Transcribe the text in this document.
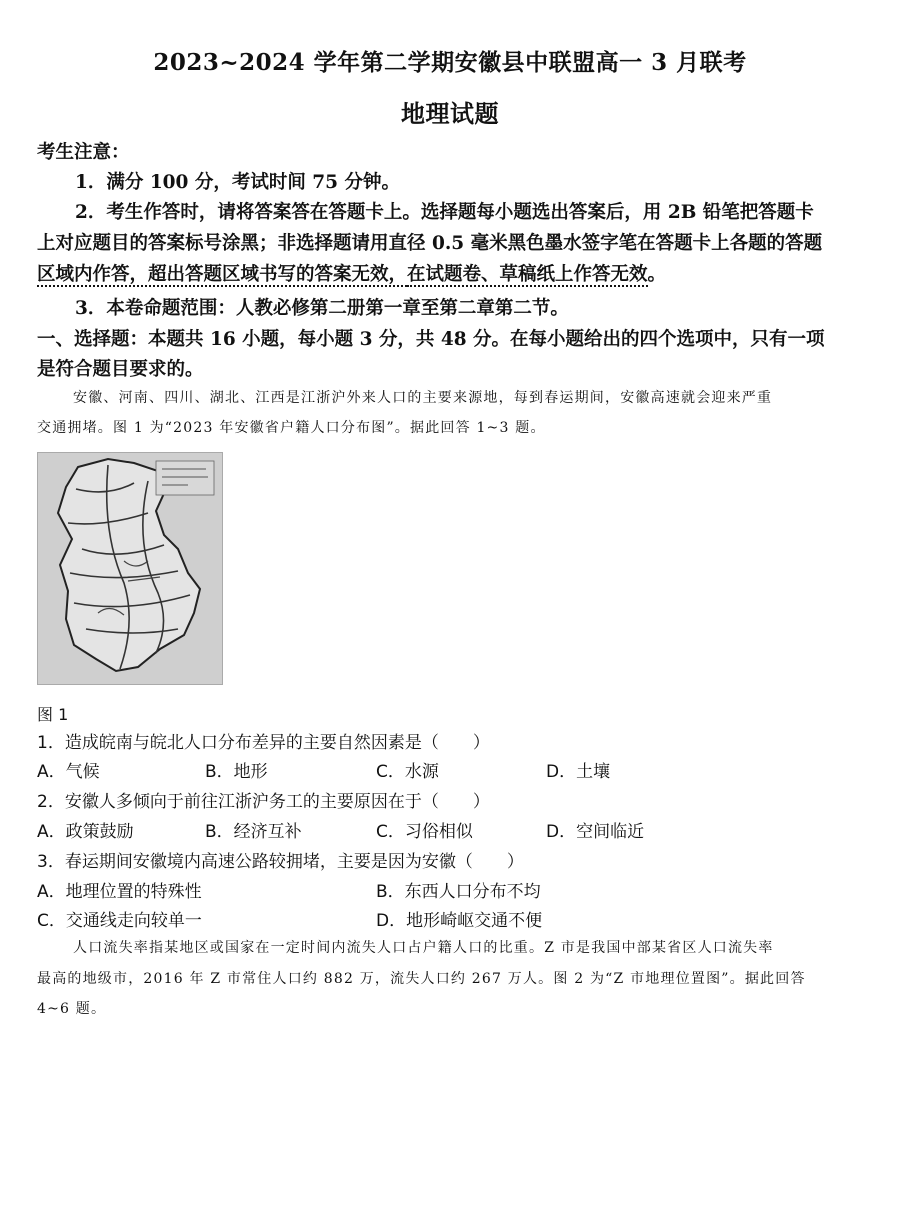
2023~2024 学年第二学期安徽县中联盟高一 3 月联考
地理试题
考生注意：
1．满分 100 分，考试时间 75 分钟。
2．考生作答时，请将答案答在答题卡上。选择题每小题选出答案后，用 2B 铅笔把答题卡
上对应题目的答案标号涂黑；非选择题请用直径 0.5 毫米黑色墨水签字笔在答题卡上各题的答题
区域内作答，超出答题区域书写的答案无效，在试题卷、草稿纸上作答无效。
3．本卷命题范围：人教必修第二册第一章至第二章第二节。
一、选择题：本题共 16 小题，每小题 3 分，共 48 分。在每小题给出的四个选项中，只有一项
是符合题目要求的。
安徽、河南、四川、湖北、江西是江浙沪外来人口的主要来源地，每到春运期间，安徽高速就会迎来严重
交通拥堵。图 1 为“2023 年安徽省户籍人口分布图”。据此回答 1~3 题。
图 1
1．造成皖南与皖北人口分布差异的主要自然因素是（　　）
A．气候	B．地形	C．水源	D．土壤
2．安徽人多倾向于前往江浙沪务工的主要原因在于（　　）
A．政策鼓励	B．经济互补	C．习俗相似	D．空间临近
3．春运期间安徽境内高速公路较拥堵，主要是因为安徽（　　）
A．地理位置的特殊性	B．东西人口分布不均
C．交通线走向较单一	D．地形崎岖交通不便
人口流失率指某地区或国家在一定时间内流失人口占户籍人口的比重。Z 市是我国中部某省区人口流失率
最高的地级市，2016 年 Z 市常住人口约 882 万，流失人口约 267 万人。图 2 为“Z 市地理位置图”。据此回答
4~6 题。
